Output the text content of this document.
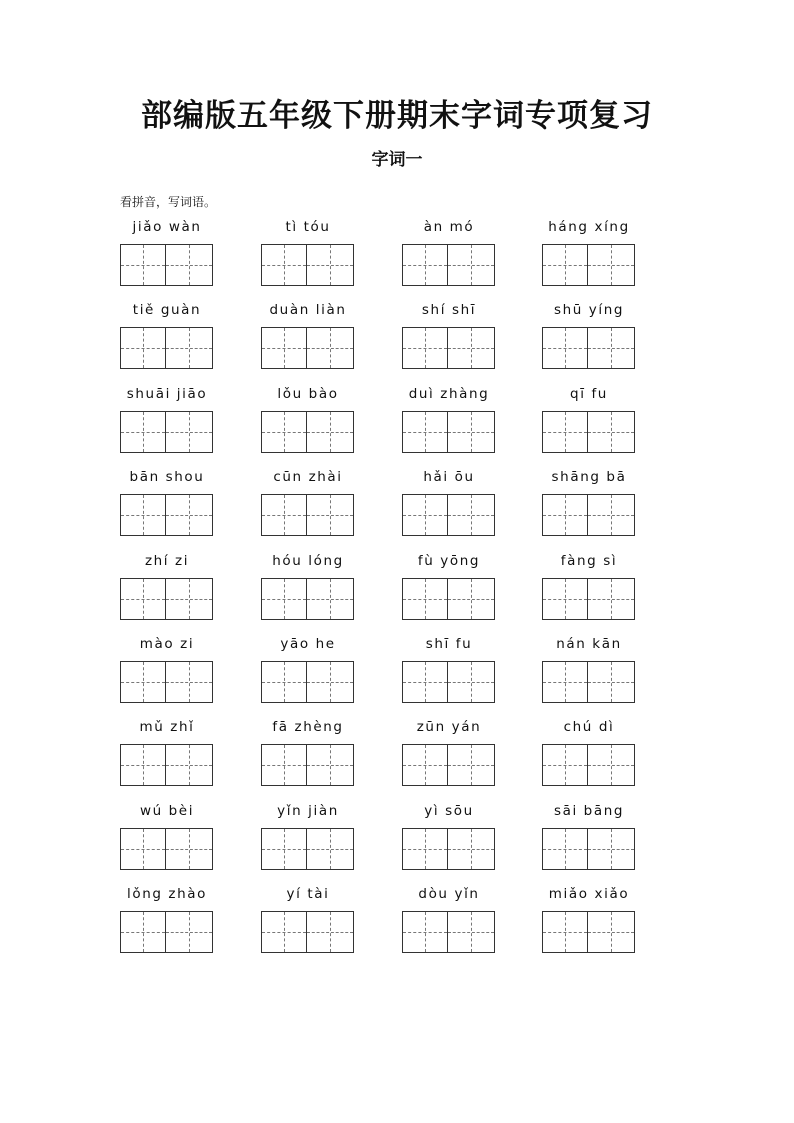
部编版五年级下册期末字词专项复习
字词一
看拼音，写词语。
jiǎo wàn	tì tóu	àn mó	háng xíng
tiě guàn	duàn liàn	shí shī	shū yíng
shuāi jiāo	lǒu bào	duì zhàng	qī fu
bān shou	cūn zhài	hǎi ōu	shāng bā
zhí zi	hóu lóng	fù yōng	fàng sì
mào zi	yāo he	shī fu	nán kān
mǔ zhǐ	fā zhèng	zūn yán	chú dì
wú bèi	yǐn jiàn	yì sōu	sāi bāng
lǒng zhào	yí tài	dòu yǐn	miǎo xiǎo
